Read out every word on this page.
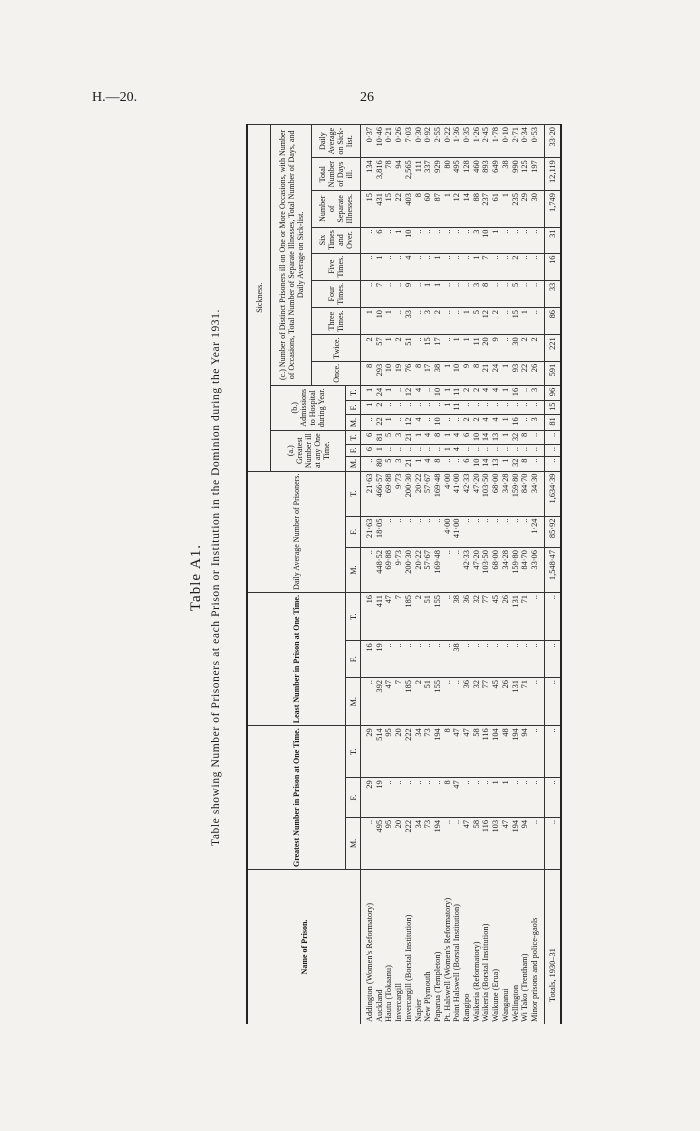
H.—20.	26
Table A1. Table showing Number of Prisoners at each Prison or Institution in the Dominion during the Year 1931.
Name of Prison.	Greatest Number in Prison at One Time.			Least Number in Prison at One Time.			Daily Average Number of Prisoners.			Sickness.														
										(a.) Greatest Number ill at any One Time.			(b.) Admissions to Hospital during Year.			(c.) Number of Distinct Prisoners ill on One or More Occasions, with Number of Occasions, Total Number of Separate Illnesses, Total Number of Days, and Daily Average on Sick-list.								
																Once.	Twice.	Three Times.	Four Times.	Five Times.	Six Times and Over.	Number of Separate Illnesses.	Total Number of Days ill.	Daily Average on Sick-list.
	M.	F.	T.	M.	F.	T.	M.	F.	T.	M.	F.	T.	M.	F.	T.									
Addington (Women's Reformatory)	..	29	29	..	16	16	..	21·63	21·63	..	6	6	..	1	1	8	2	1	..	..	..	15	134	0·37
Auckland	495	19	514	392	19	411	448·52	18·05	466·57	80	1	81	22	2	24	293	57	10	7	1	6	431	3,816	10·46
Hautu (Tokaanu)	95	..	95	47	..	47	69·88	..	69·88	5	..	5	1	..	1	10	1	1	..	..	..	15	78	0·21
Invercargill	20	..	20	7	..	7	9·73	..	9·73	3	..	3	..	..	..	19	2	..	..	..	1	22	94	0·26
Invercargill (Borstal Institution)	222	..	222	185	..	185	200·30	..	200·30	21	..	21	12	..	12	76	51	33	9	4	10	403	2,565	7·03
Napier	34	..	34	2	..	2	20·22	..	20·22	1	..	1	4	..	4	8	..	..	..	..	..	8	111	0·30
New Plymouth	73	..	73	51	..	51	57·67	..	57·67	4	..	4	..	..	..	17	15	3	1	..	..	60	337	0·92
Paparua (Templeton)	194	..	194	155	..	155	169·48	..	169·48	8	..	8	10	..	10	38	17	2	1	1	..	87	929	2·55
Pt. Halswell (Women's Reformatory)	..	8	8	..	..	..	..	4·00	4·00	..	1	1	..	1	1	1	..	..	..	..	..	1	80	0·22
Point Halswell (Borstal Institution)	..	47	47	..	38	38	..	41·00	41·00	..	4	4	..	11	11	10	1	..	..	..	..	12	495	1·36
Rangipo	47	..	47	36	..	36	42·33	..	42·33	6	..	6	2	..	2	9	1	1	..	..	..	14	128	0·35
Waikeria (Reformatory)	58	..	58	32	..	32	47·20	..	47·20	10	..	10	2	..	2	8	11	5	3	1	3	88	460	1·26
Waikeria (Borstal Institution)	116	..	116	77	..	77	103·50	..	103·50	14	..	14	4	..	4	21	20	12	8	7	10	237	893	2·45
Waikune (Erua)	103	1	104	45	..	45	68·00	..	68·00	13	..	13	4	..	4	24	9	2	..	..	1	61	649	1·78
Wanganui	47	1	48	26	..	26	34·28	..	34·28	1	..	1	1	..	1	1	..	..	..	..	..	1	38	0·10
Wellington	194	..	194	131	..	131	159·80	..	159·80	32	..	32	16	..	16	93	30	15	5	2	..	235	990	2·71
Wi Tako (Trentham)	94	..	94	71	..	71	84·70	..	84·70	8	..	8	..	..	..	22	2	1	..	..	..	29	125	0·34
Minor prisons and police-gaols	..	..	..	..	..	..	33·06	1·24	34·30	..	..	..	3	..	3	26	2	..	..	..	..	30	197	0·53
Totals, 1930–31	..	..	..	..	..	..	1,548·47	85·92	1,634·39	..	..	..	81	15	96	591	221	86	33	16	31	1,749	12,119	33·20
